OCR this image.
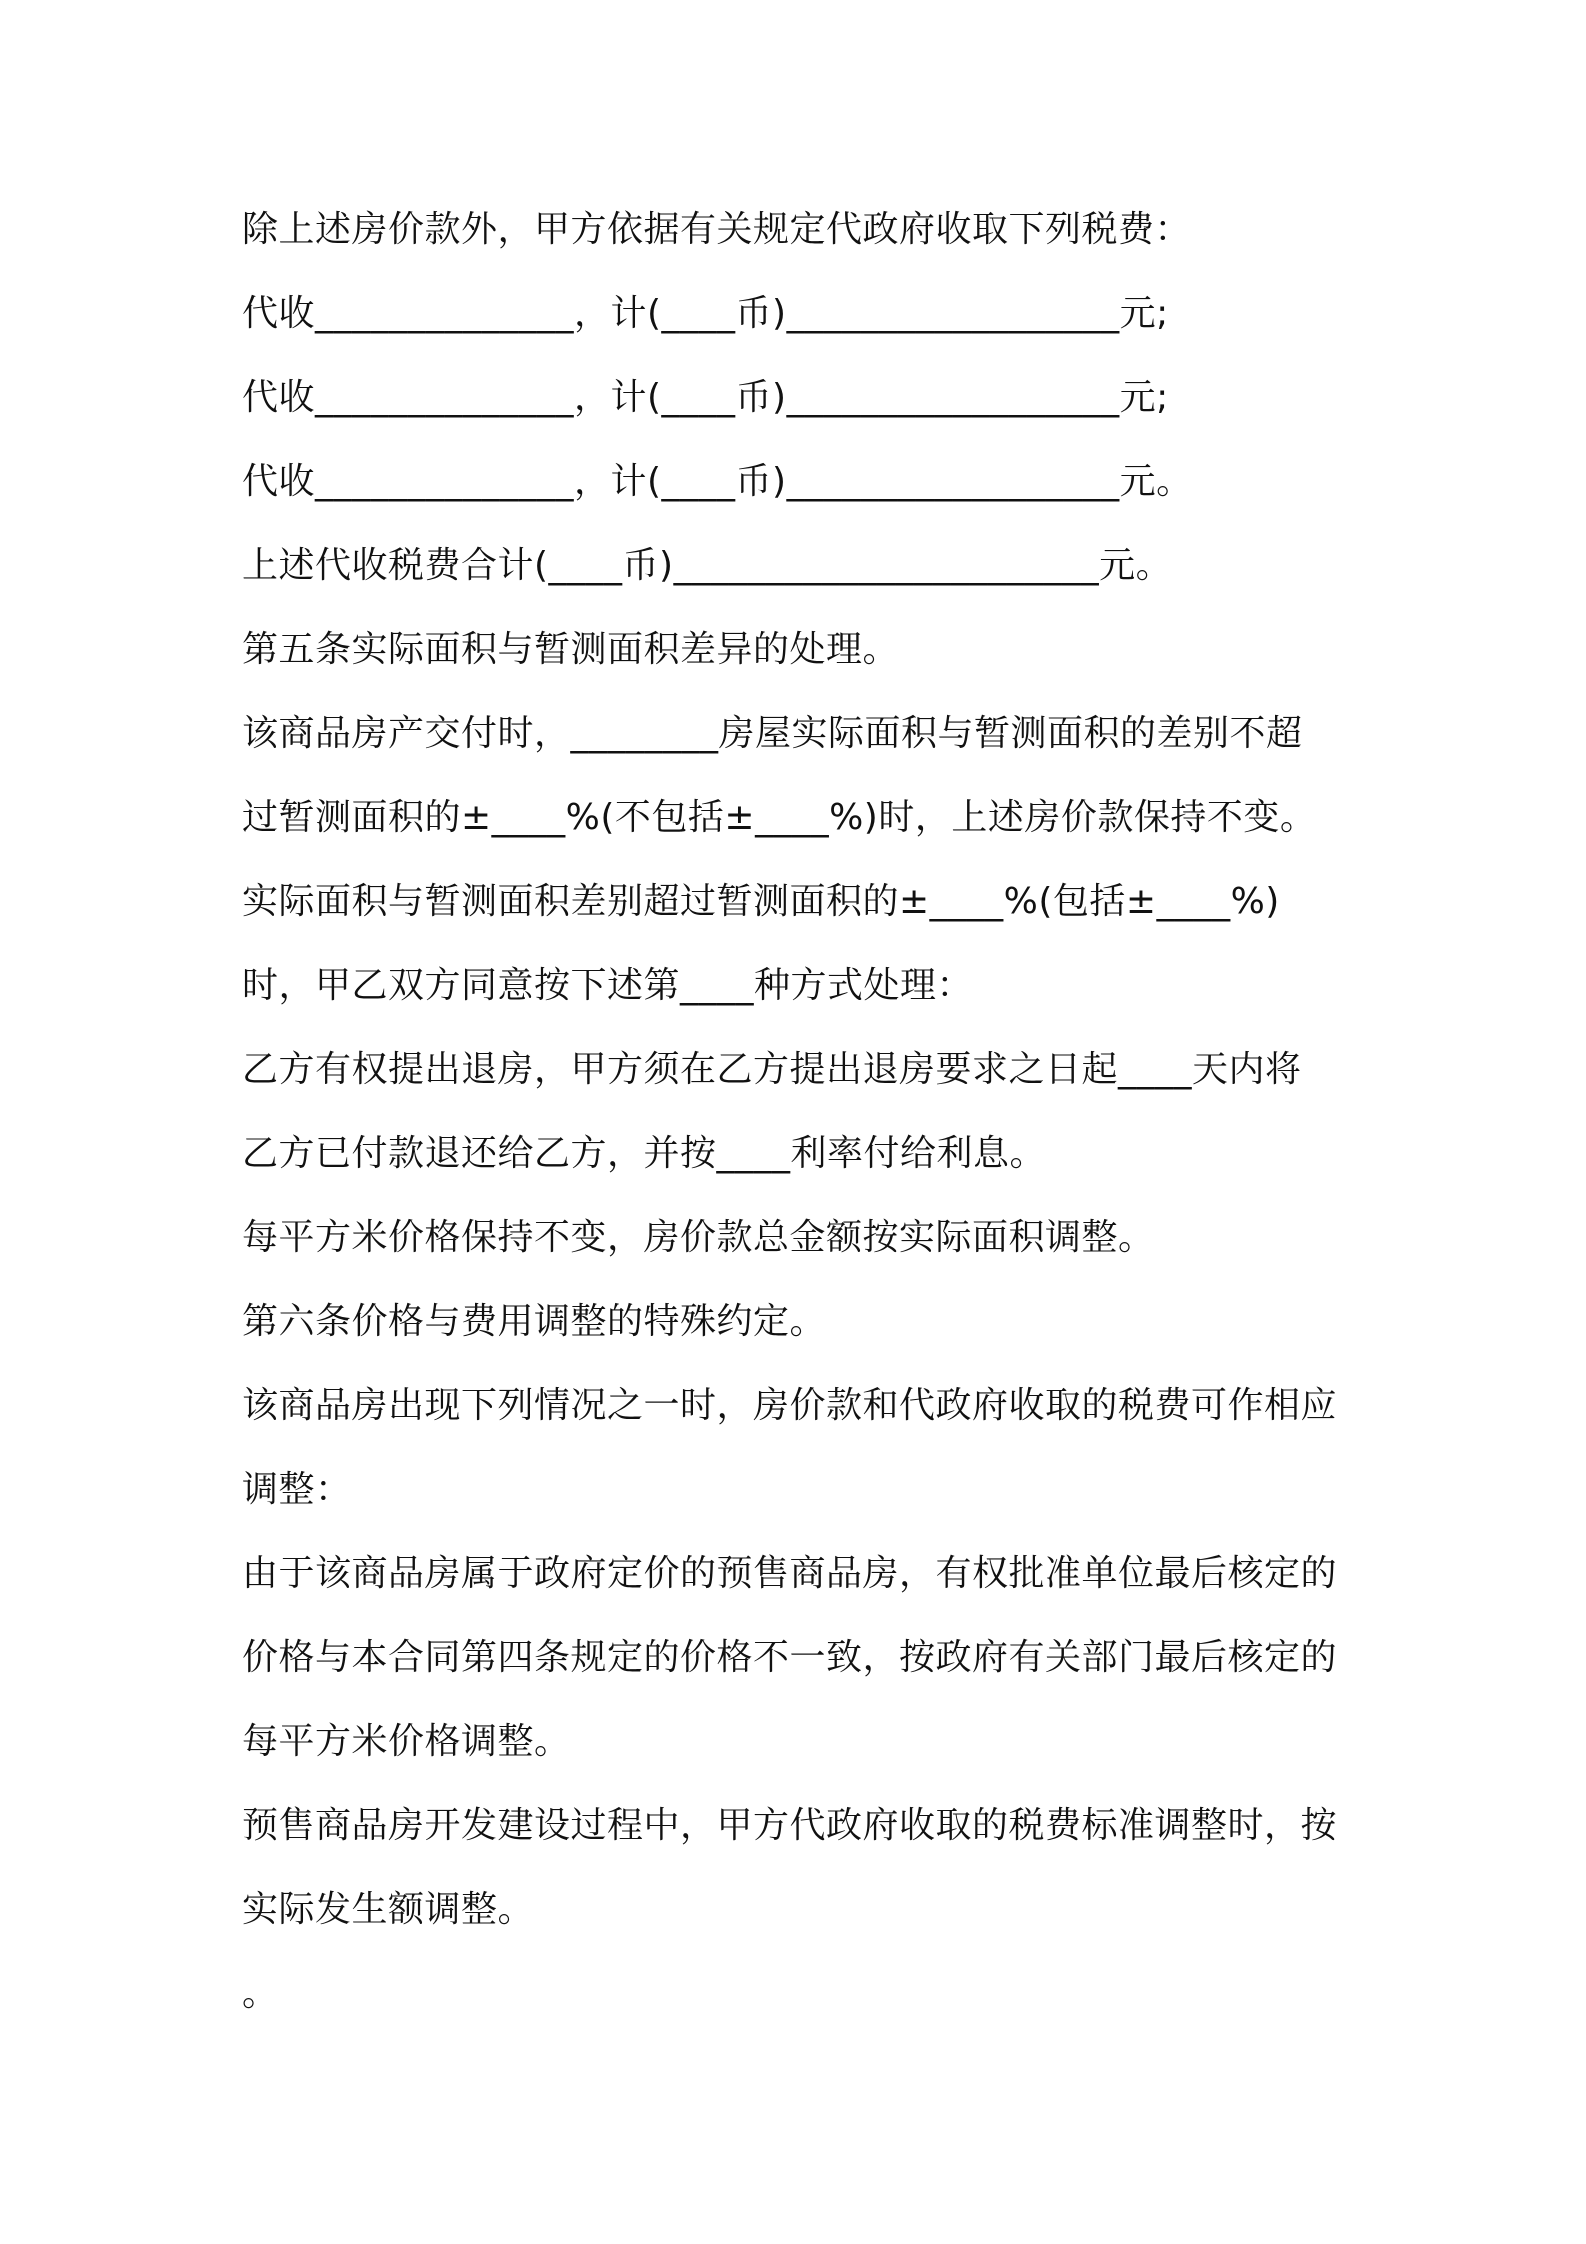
除上述房价款外，甲方依据有关规定代政府收取下列税费：

代收______________，计(____币)__________________元;

代收______________，计(____币)__________________元;

代收______________，计(____币)__________________元。

上述代收税费合计(____币)_______________________元。

第五条实际面积与暂测面积差异的处理。

该商品房产交付时，________房屋实际面积与暂测面积的差别不超

过暂测面积的±____%(不包括±____%)时，上述房价款保持不变。

实际面积与暂测面积差别超过暂测面积的±____%(包括±____%)

时，甲乙双方同意按下述第____种方式处理：

乙方有权提出退房，甲方须在乙方提出退房要求之日起____天内将

乙方已付款退还给乙方，并按____利率付给利息。

每平方米价格保持不变，房价款总金额按实际面积调整。

第六条价格与费用调整的特殊约定。

该商品房出现下列情况之一时，房价款和代政府收取的税费可作相应

调整：

由于该商品房属于政府定价的预售商品房，有权批准单位最后核定的

价格与本合同第四条规定的价格不一致，按政府有关部门最后核定的

每平方米价格调整。

预售商品房开发建设过程中，甲方代政府收取的税费标准调整时，按

实际发生额调整。

。
